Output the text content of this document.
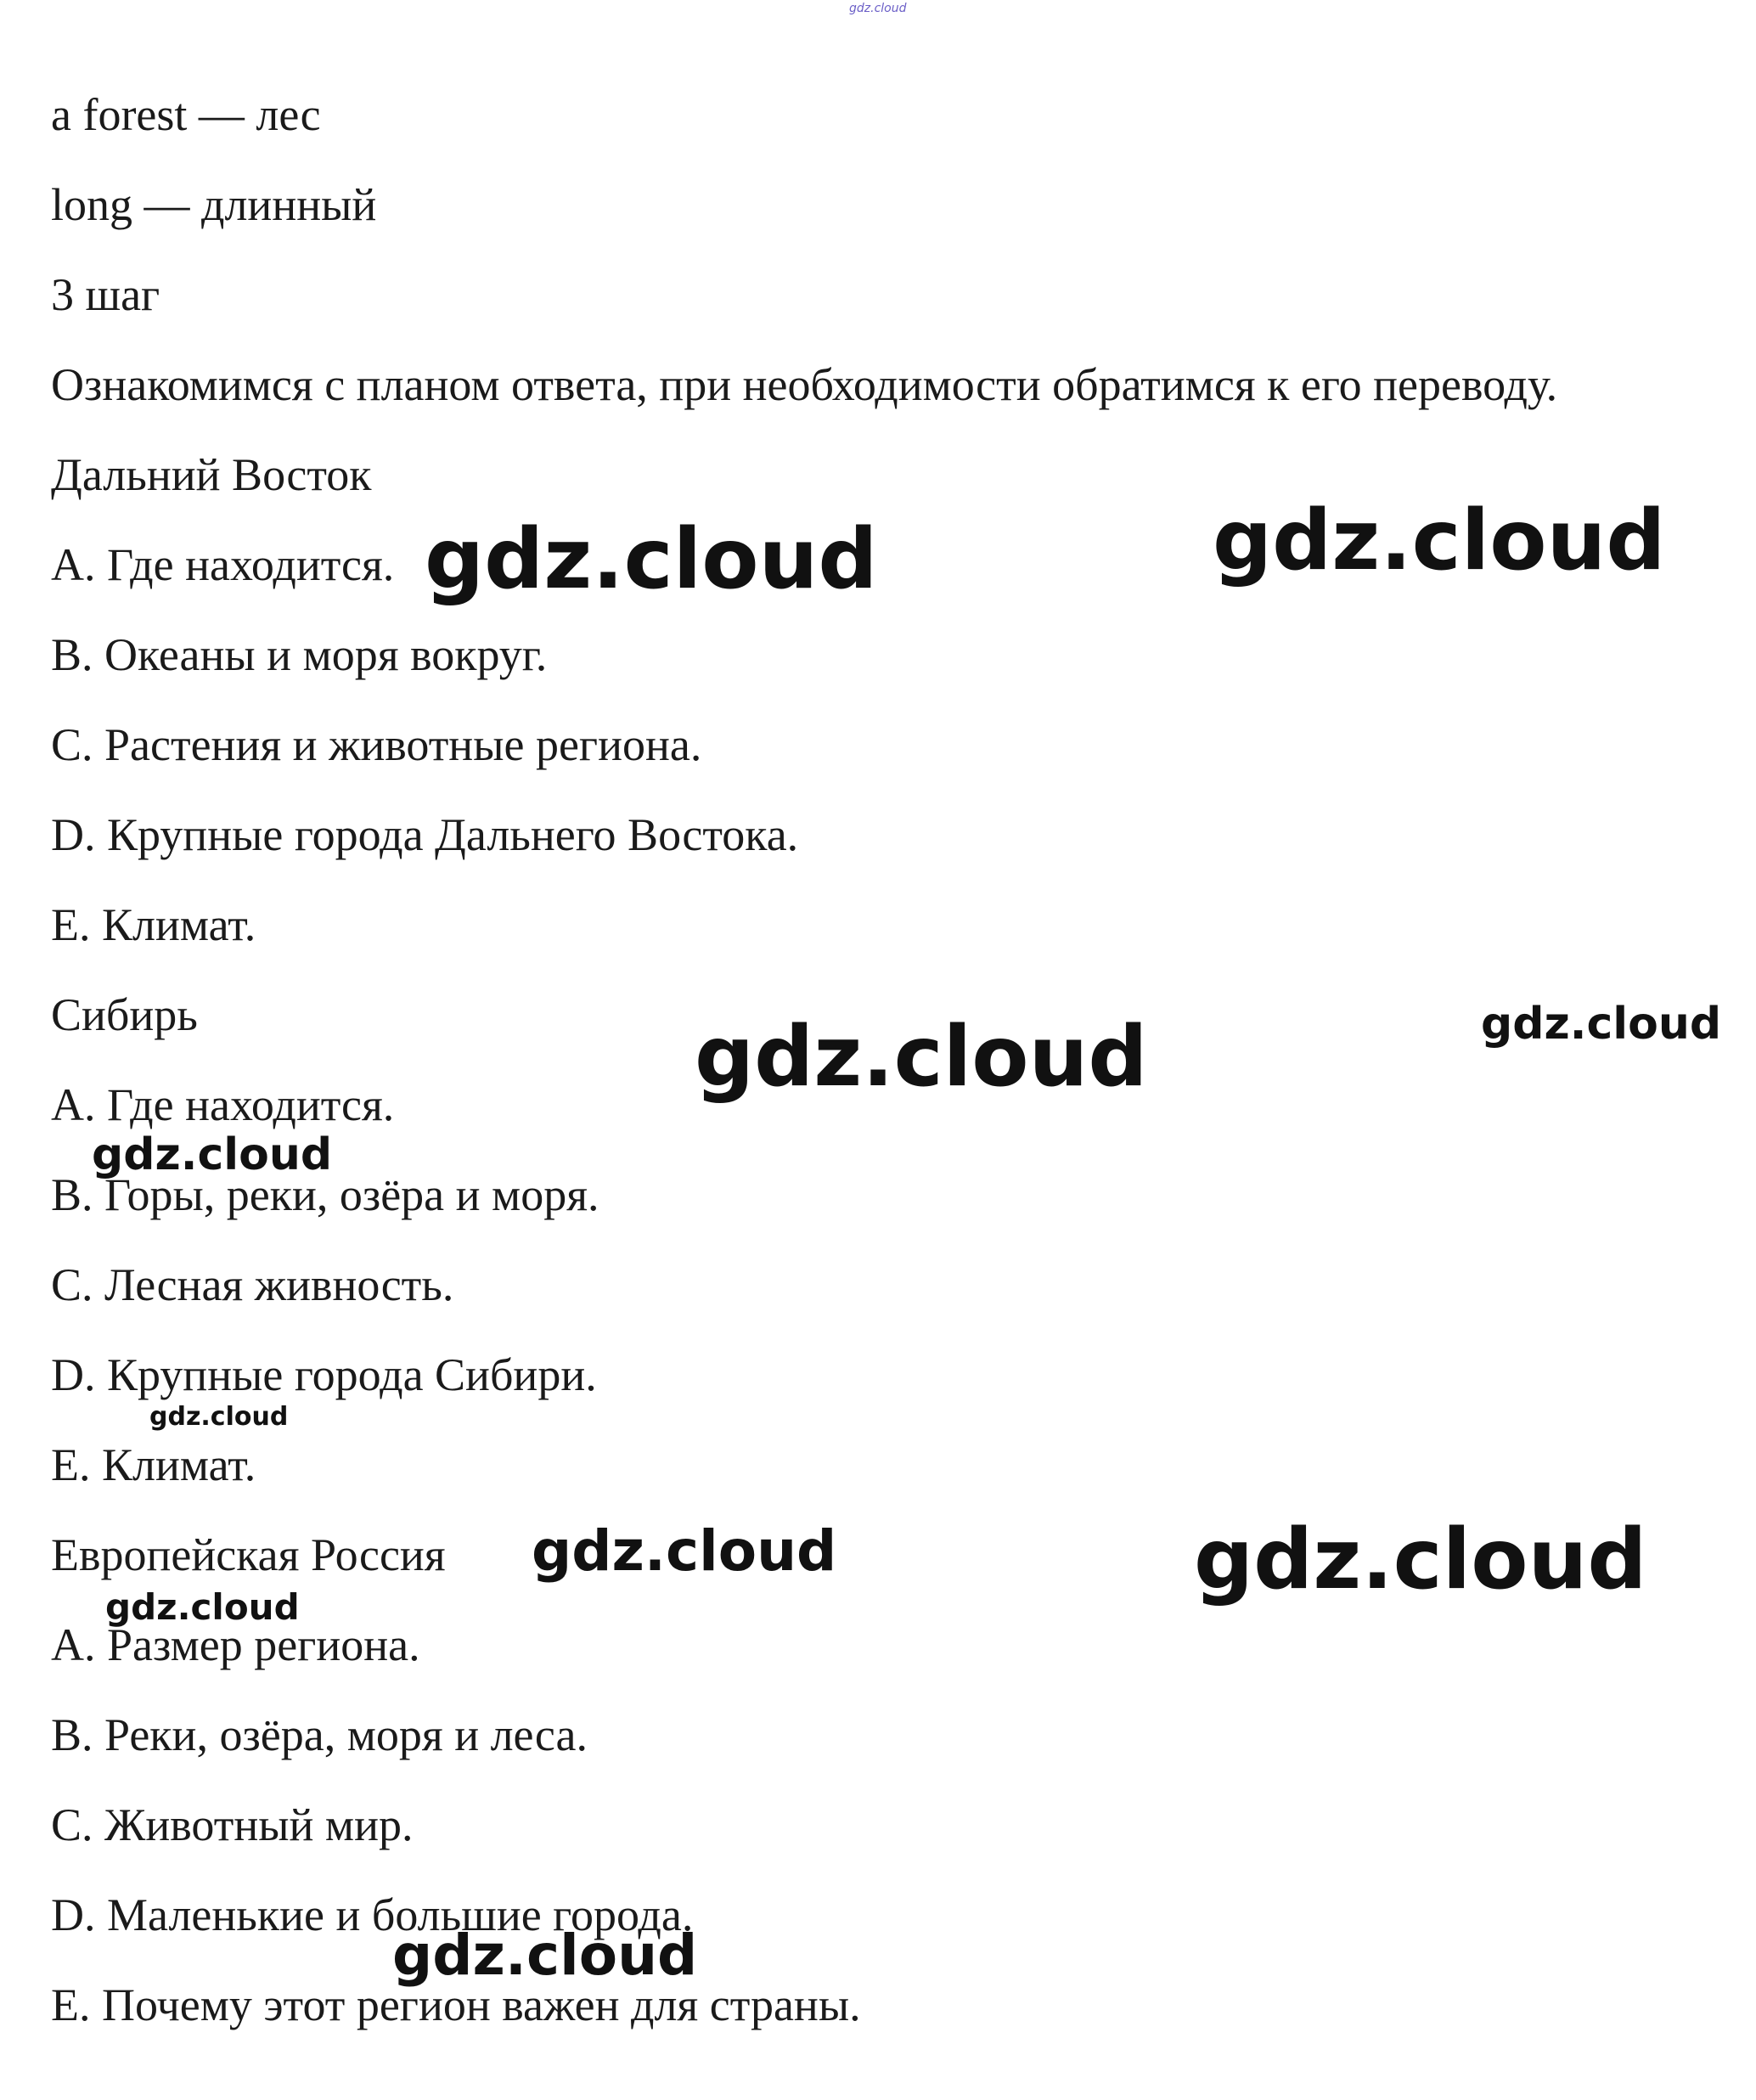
gdz.cloud

a forest — лес

long — длинный

3 шаг

Ознакомимся с планом ответа, при необходимости обратимся к его переводу.

Дальний Восток

A. Где находится.

B. Океаны и моря вокруг.

C. Растения и животные региона.

D. Крупные города Дальнего Востока.

E. Климат.

Сибирь

A. Где находится.

B. Горы, реки, озёра и моря.

C. Лесная живность.

D. Крупные города Сибири.

E. Климат.

Европейская Россия

A. Размер региона.

B. Реки, озёра, моря и леса.

C. Животный мир.

D. Маленькие и большие города.

E. Почему этот регион важен для страны.

gdz.cloud	gdz.cloud
gdz.cloud	gdz.cloud
gdz.cloud
gdz.cloud
gdz.cloud	gdz.cloud
gdz.cloud
gdz.cloud
